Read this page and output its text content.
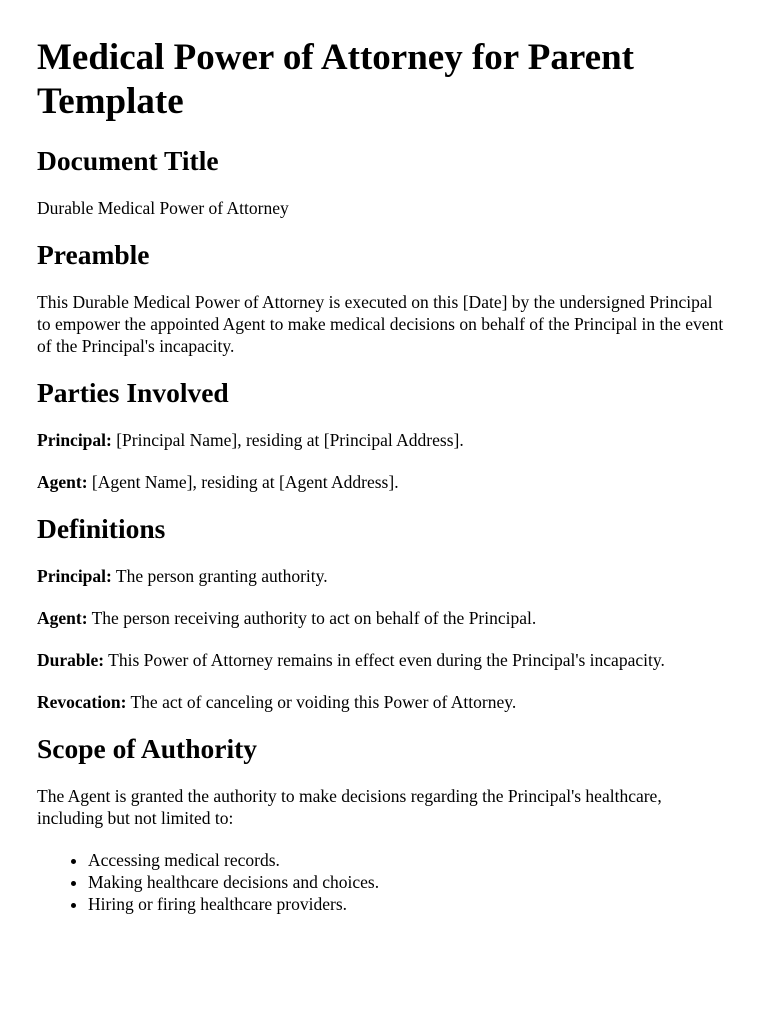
Medical Power of Attorney for Parent Template
Document Title

Durable Medical Power of Attorney

Preamble

This Durable Medical Power of Attorney is executed on this [Date] by the undersigned Principal to empower the appointed Agent to make medical decisions on behalf of the Principal in the event of the Principal's incapacity.

Parties Involved

Principal: [Principal Name], residing at [Principal Address].

Agent: [Agent Name], residing at [Agent Address].

Definitions

Principal: The person granting authority.

Agent: The person receiving authority to act on behalf of the Principal.

Durable: This Power of Attorney remains in effect even during the Principal's incapacity.

Revocation: The act of canceling or voiding this Power of Attorney.

Scope of Authority

The Agent is granted the authority to make decisions regarding the Principal's healthcare, including but not limited to:

• Accessing medical records.
• Making healthcare decisions and choices.
• Hiring or firing healthcare providers.
